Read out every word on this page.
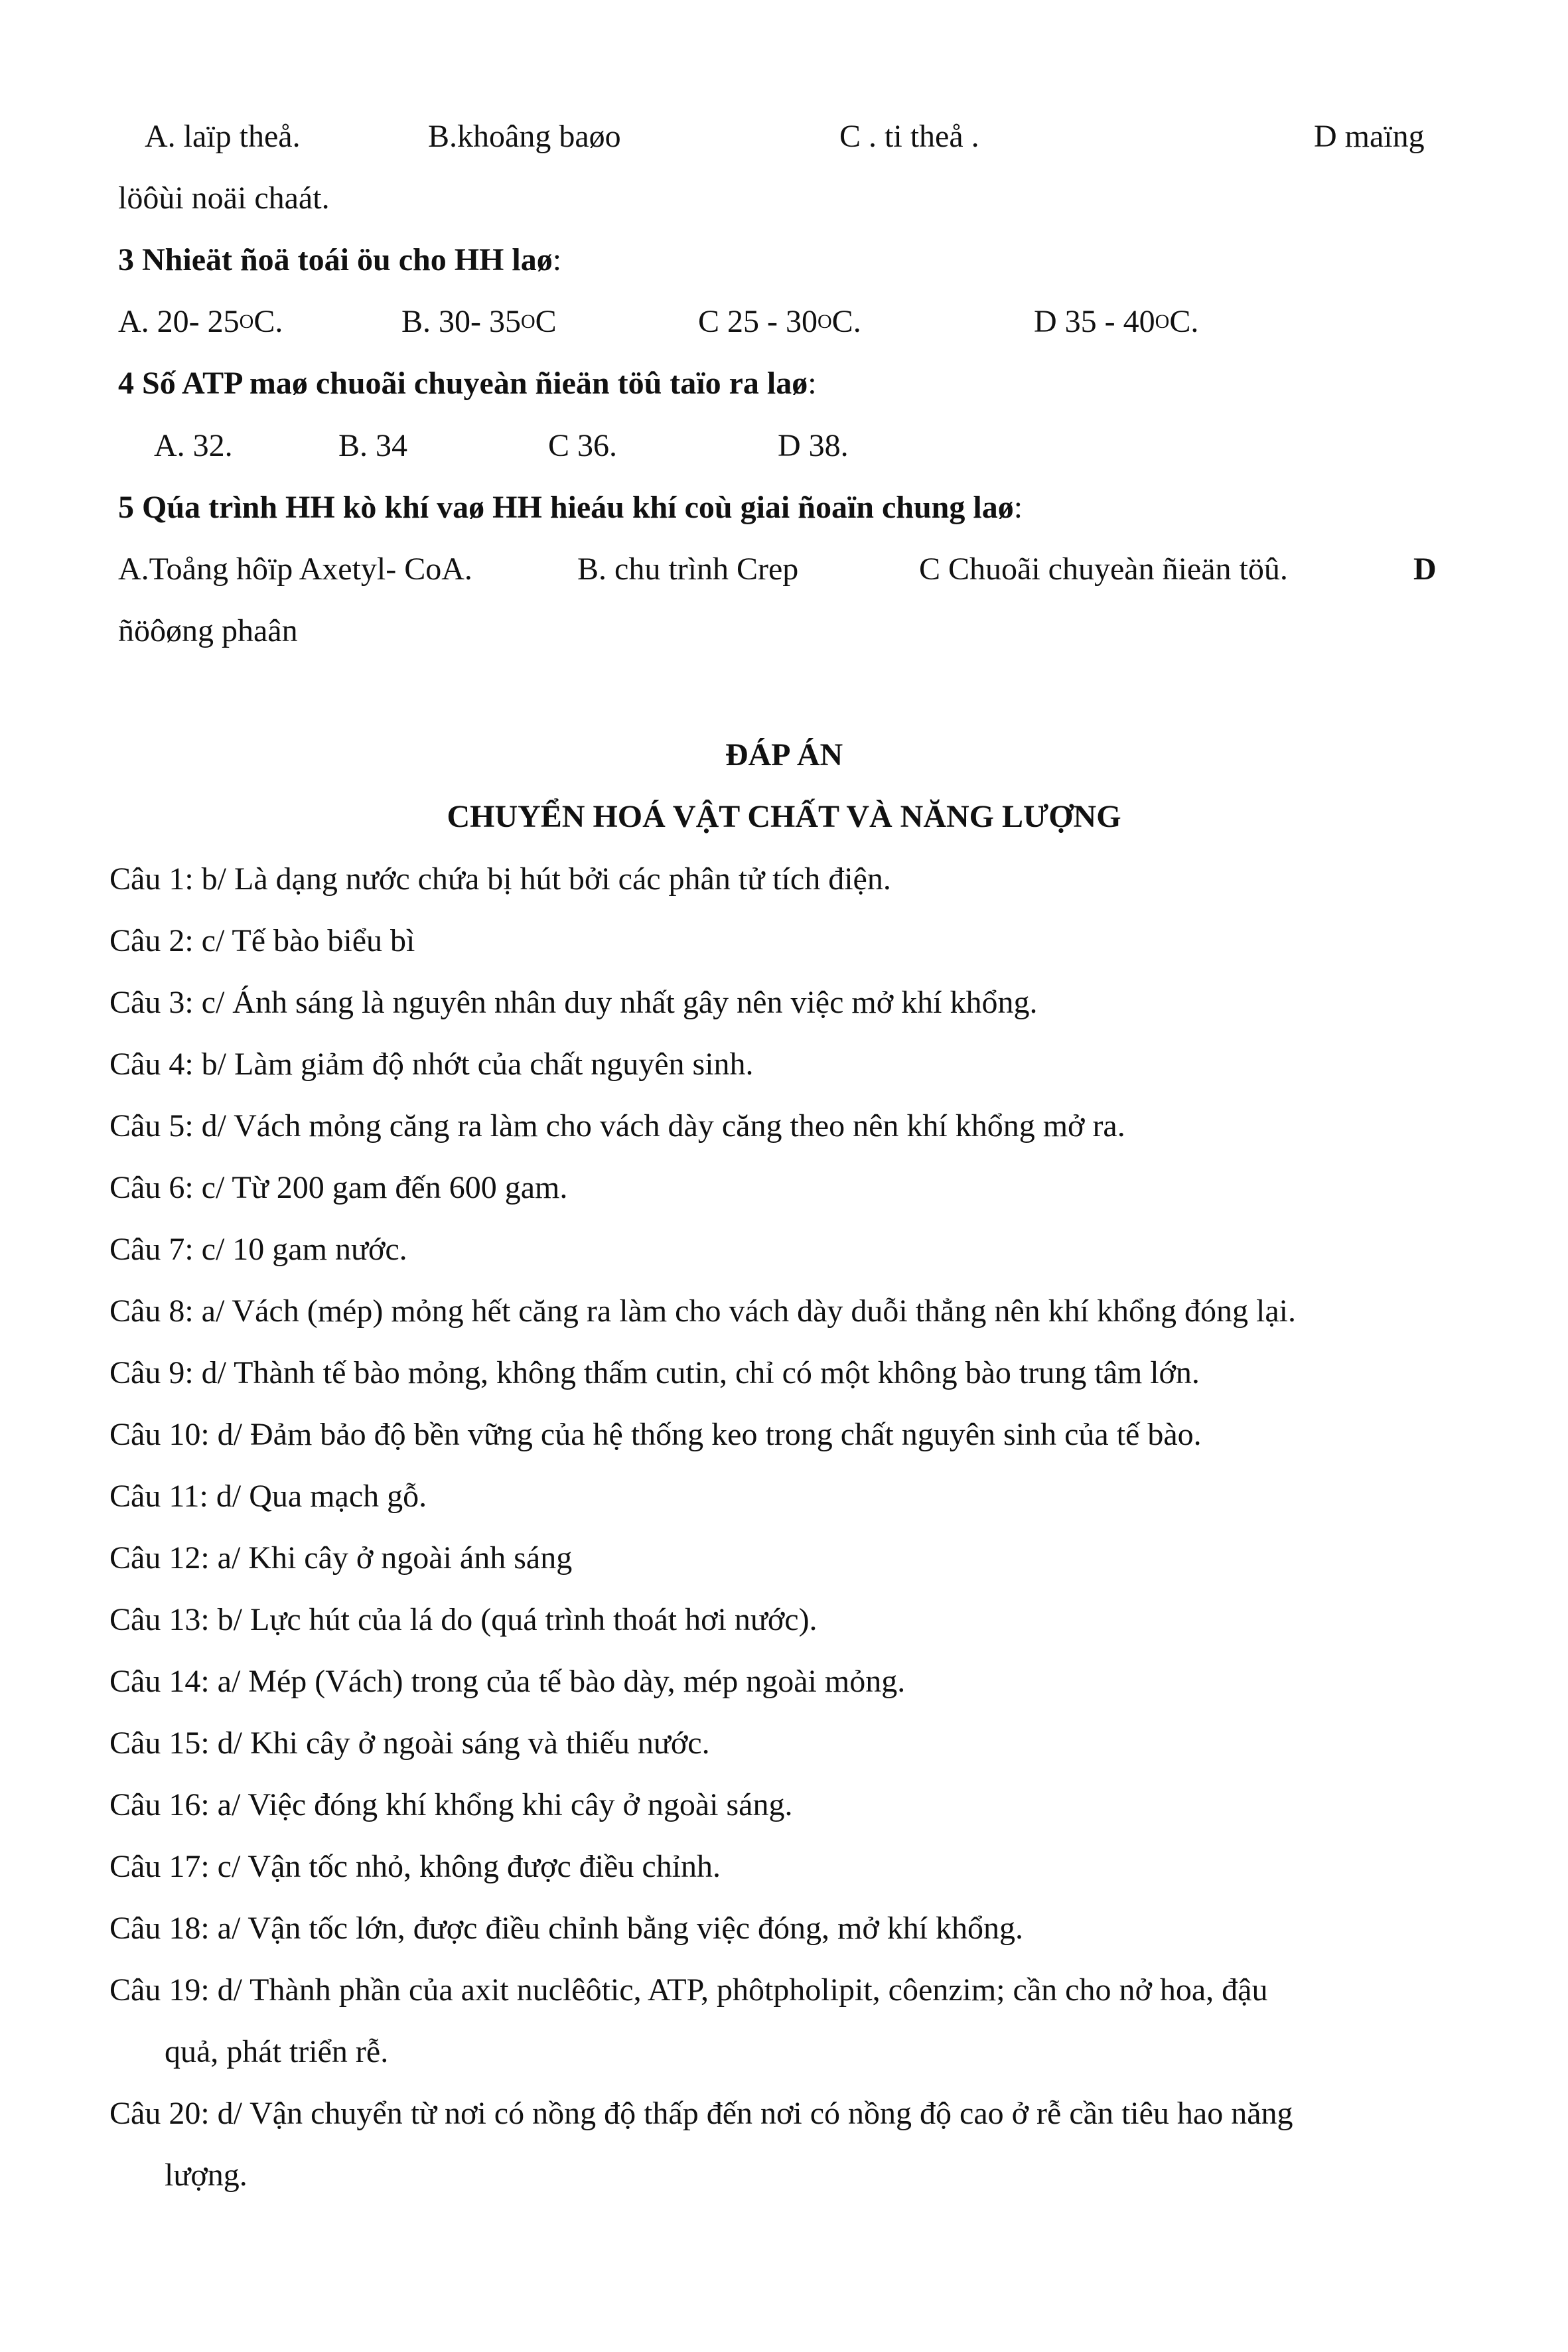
A. laïp theå.	B.khoâng baøo	C . ti theå .	D maïng
löôùi noäi chaát.
3 Nhieät ñoä toái öu cho HH laø:
A. 20- $25^OC$.	B. 30- $35^OC$	C $25 - 30^OC$.	D $35 - 40^OC$.
4 Số ATP maø chuoãi chuyeàn ñieän töû taïo ra laø:
A. 32.	B. 34	C 36.	D 38.
5 Qúa trình HH kò khí vaø HH hieáu khí coù giai ñoaïn chung laø:
A.Toång hôïp Axetyl- CoA.	B. chu trình Crep	C Chuoãi chuyeàn ñieän töû.	D
ñöôøng phaân
ĐÁP ÁN
CHUYỂN HOÁ VẬT CHẤT VÀ NĂNG LƯỢNG
Câu 1: b/ Là dạng nước chứa bị hút bởi các phân tử tích điện.
Câu 2: c/ Tế bào biểu bì
Câu 3: c/ Ánh sáng là nguyên nhân duy nhất gây nên việc mở khí khổng.
Câu 4: b/ Làm giảm độ nhớt của chất nguyên sinh.
Câu 5: d/ Vách mỏng căng ra làm cho vách dày căng theo nên khí khổng mở ra.
Câu 6: c/ Từ 200 gam đến 600 gam.
Câu 7: c/ 10 gam nước.
Câu 8: a/ Vách (mép) mỏng hết căng ra làm cho vách dày duỗi thẳng nên khí khổng đóng lại.
Câu 9: d/ Thành tế bào mỏng, không thấm cutin, chỉ có một không bào trung tâm lớn.
Câu 10: d/ Đảm bảo độ bền vững của hệ thống keo trong chất nguyên sinh của tế bào.
Câu 11: d/ Qua mạch gỗ.
Câu 12: a/ Khi cây ở ngoài ánh sáng
Câu 13: b/ Lực hút của lá do (quá trình thoát hơi nước).
Câu 14: a/ Mép (Vách) trong của tế bào dày, mép ngoài mỏng.
Câu 15: d/ Khi cây ở ngoài sáng và thiếu nước.
Câu 16: a/ Việc đóng khí khổng khi cây ở ngoài sáng.
Câu 17: c/ Vận tốc nhỏ, không được điều chỉnh.
Câu 18: a/ Vận tốc lớn, được điều chỉnh bằng việc đóng, mở khí khổng.
Câu 19: d/ Thành phần của axit nuclêôtic, ATP, phôtpholipit, côenzim; cần cho nở hoa, đậu
quả, phát triển rễ.
Câu 20: d/ Vận chuyển từ nơi có nồng độ thấp đến nơi có nồng độ cao ở rễ cần tiêu hao năng
lượng.
